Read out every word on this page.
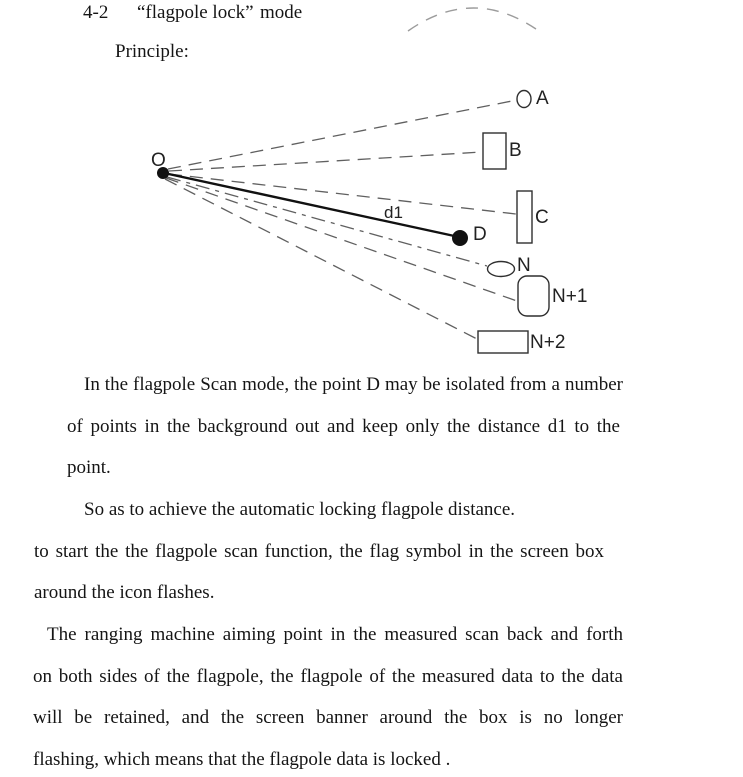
4-2 “flagpole lock” mode
Principle:
O
A
B
C
D
d1
N
N+1
N+2
In the flagpole Scan mode, the point D may be isolated from a number
of points in the background out and keep only the distance d1 to the
point.
So as to achieve the automatic locking flagpole distance.
to start the the flagpole scan function, the flag symbol in the screen box
around the icon flashes.
The ranging machine aiming point in the measured scan back and forth
on both sides of the flagpole, the flagpole of the measured data to the data
will be retained, and the screen banner around the box is no longer
flashing, which means that the flagpole data is locked .
